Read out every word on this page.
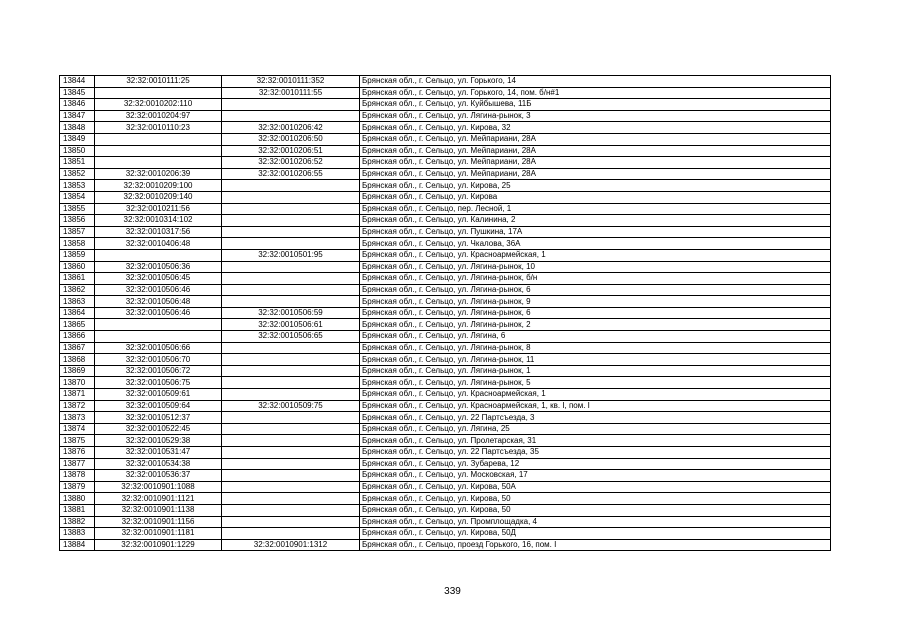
13844	32:32:0010111:25	32:32:0010111:352	Брянская обл., г. Сельцо, ул. Горького, 14
13845		32:32:0010111:55	Брянская обл., г. Сельцо, ул. Горького, 14, пом. б/н#1
13846	32:32:0010202:110		Брянская обл., г. Сельцо, ул. Куйбышева, 11Б
13847	32:32:0010204:97		Брянская обл., г. Сельцо, ул. Лягина-рынок, 3
13848	32:32:0010110:23	32:32:0010206:42	Брянская обл., г. Сельцо, ул. Кирова, 32
13849		32:32:0010206:50	Брянская обл., г. Сельцо, ул. Мейпариани, 28А
13850		32:32:0010206:51	Брянская обл., г. Сельцо, ул. Мейпариани, 28А
13851		32:32:0010206:52	Брянская обл., г. Сельцо, ул. Мейпариани, 28А
13852	32:32:0010206:39	32:32:0010206:55	Брянская обл., г. Сельцо, ул. Мейпариани, 28А
13853	32:32:0010209:100		Брянская обл., г. Сельцо, ул. Кирова, 25
13854	32:32:0010209:140		Брянская обл., г. Сельцо, ул. Кирова
13855	32:32:0010211:56		Брянская обл., г. Сельцо, пер. Лесной, 1
13856	32:32:0010314:102		Брянская обл., г. Сельцо, ул. Калинина, 2
13857	32:32:0010317:56		Брянская обл., г. Сельцо, ул. Пушкина, 17А
13858	32:32:0010406:48		Брянская обл., г. Сельцо, ул. Чкалова, 36А
13859		32:32:0010501:95	Брянская обл., г. Сельцо, ул. Красноармейская, 1
13860	32:32:0010506:36		Брянская обл., г. Сельцо, ул. Лягина-рынок, 10
13861	32:32:0010506:45		Брянская обл., г. Сельцо, ул. Лягина-рынок, б/н
13862	32:32:0010506:46		Брянская обл., г. Сельцо, ул. Лягина-рынок, 6
13863	32:32:0010506:48		Брянская обл., г. Сельцо, ул. Лягина-рынок, 9
13864	32:32:0010506:46	32:32:0010506:59	Брянская обл., г. Сельцо, ул. Лягина-рынок, 6
13865		32:32:0010506:61	Брянская обл., г. Сельцо, ул. Лягина-рынок, 2
13866		32:32:0010506:65	Брянская обл., г. Сельцо, ул. Лягина, 6
13867	32:32:0010506:66		Брянская обл., г. Сельцо, ул. Лягина-рынок, 8
13868	32:32:0010506:70		Брянская обл., г. Сельцо, ул. Лягина-рынок, 11
13869	32:32:0010506:72		Брянская обл., г. Сельцо, ул. Лягина-рынок, 1
13870	32:32:0010506:75		Брянская обл., г. Сельцо, ул. Лягина-рынок, 5
13871	32:32:0010509:61		Брянская обл., г. Сельцо, ул. Красноармейская, 1
13872	32:32:0010509:64	32:32:0010509:75	Брянская обл., г. Сельцо, ул. Красноармейская, 1, кв. I, пом. I
13873	32:32:0010512:37		Брянская обл., г. Сельцо, ул. 22 Партсъезда, 3
13874	32:32:0010522:45		Брянская обл., г. Сельцо, ул. Лягина, 25
13875	32:32:0010529:38		Брянская обл., г. Сельцо, ул. Пролетарская, 31
13876	32:32:0010531:47		Брянская обл., г. Сельцо, ул. 22 Партсъезда, 35
13877	32:32:0010534:38		Брянская обл., г. Сельцо, ул. Зубарева, 12
13878	32:32:0010536:37		Брянская обл., г. Сельцо, ул. Московская, 17
13879	32:32:0010901:1088		Брянская обл., г. Сельцо, ул. Кирова, 50А
13880	32:32:0010901:1121		Брянская обл., г. Сельцо, ул. Кирова, 50
13881	32:32:0010901:1138		Брянская обл., г. Сельцо, ул. Кирова, 50
13882	32:32:0010901:1156		Брянская обл., г. Сельцо, ул. Промплощадка, 4
13883	32:32:0010901:1181		Брянская обл., г. Сельцо, ул. Кирова, 50Д
13884	32:32:0010901:1229	32:32:0010901:1312	Брянская обл., г. Сельцо, проезд Горького, 16, пом. I
339
